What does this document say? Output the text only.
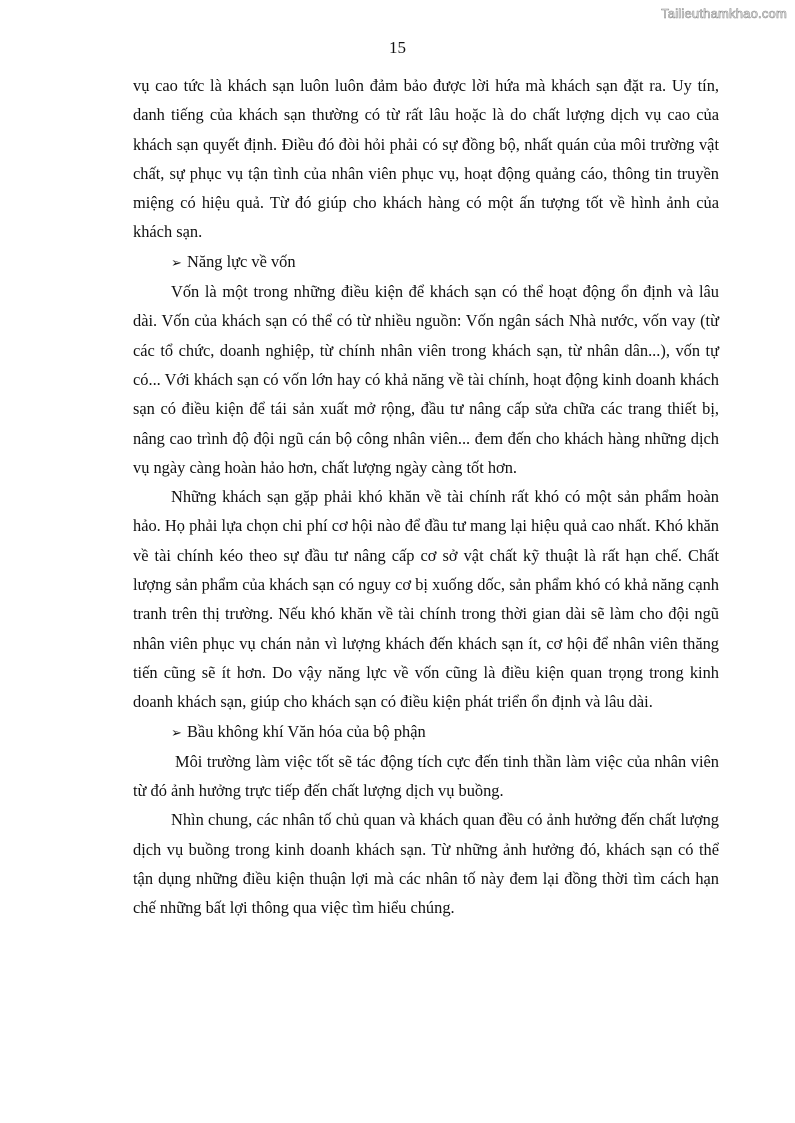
Tailieuthamkhao.com
15

vụ cao tức là khách sạn luôn luôn đảm bảo được lời hứa mà khách sạn đặt ra. Uy tín, danh tiếng của khách sạn thường có từ rất lâu hoặc là do chất lượng dịch vụ cao của khách sạn quyết định. Điều đó đòi hỏi phải có sự đồng bộ, nhất quán của môi trường vật chất, sự phục vụ tận tình của nhân viên phục vụ, hoạt động quảng cáo, thông tin truyền miệng có hiệu quả. Từ đó giúp cho khách hàng có một ấn tượng tốt về hình ảnh của khách sạn.

➢ Năng lực về vốn

Vốn là một trong những điều kiện để khách sạn có thể hoạt động ổn định và lâu dài. Vốn của khách sạn có thể có từ nhiều nguồn: Vốn ngân sách Nhà nước, vốn vay (từ các tổ chức, doanh nghiệp, từ chính nhân viên trong khách sạn, từ nhân dân...), vốn tự có... Với khách sạn có vốn lớn hay có khả năng về tài chính, hoạt động kinh doanh khách sạn có điều kiện để tái sản xuất mở rộng, đầu tư nâng cấp sửa chữa các trang thiết bị, nâng cao trình độ đội ngũ cán bộ công nhân viên... đem đến cho khách hàng những dịch vụ ngày càng hoàn hảo hơn, chất lượng ngày càng tốt hơn.

Những khách sạn gặp phải khó khăn về tài chính rất khó có một sản phẩm hoàn hảo. Họ phải lựa chọn chi phí cơ hội nào để đầu tư mang lại hiệu quả cao nhất. Khó khăn về tài chính kéo theo sự đầu tư nâng cấp cơ sở vật chất kỹ thuật là rất hạn chế. Chất lượng sản phẩm của khách sạn có nguy cơ bị xuống dốc, sản phẩm khó có khả năng cạnh tranh trên thị trường. Nếu khó khăn về tài chính trong thời gian dài sẽ làm cho đội ngũ nhân viên phục vụ chán nản vì lượng khách đến khách sạn ít, cơ hội để nhân viên thăng tiến cũng sẽ ít hơn. Do vậy năng lực về vốn cũng là điều kiện quan trọng trong kinh doanh khách sạn, giúp cho khách sạn có điều kiện phát triển ổn định và lâu dài.

➢ Bầu không khí Văn hóa của bộ phận

Môi trường làm việc tốt sẽ tác động tích cực đến tinh thần làm việc của nhân viên từ đó ảnh hưởng trực tiếp đến chất lượng dịch vụ buồng.

Nhìn chung, các nhân tố chủ quan và khách quan đều có ảnh hưởng đến chất lượng dịch vụ buồng trong kinh doanh khách sạn. Từ những ảnh hưởng đó, khách sạn có thể tận dụng những điều kiện thuận lợi mà các nhân tố này đem lại đồng thời tìm cách hạn chế những bất lợi thông qua việc tìm hiểu chúng.
